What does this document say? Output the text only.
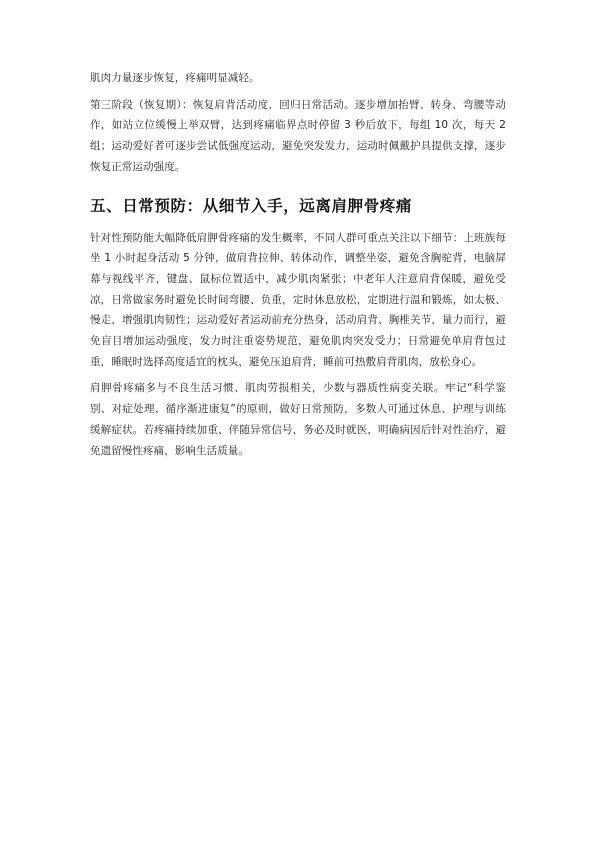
肌肉力量逐步恢复，疼痛明显减轻。

第三阶段（恢复期）：恢复肩背活动度，回归日常活动。逐步增加抬臂、转身、弯腰等动作，如站立位缓慢上举双臂，达到疼痛临界点时停留 3 秒后放下，每组 10 次，每天 2 组；运动爱好者可逐步尝试低强度运动，避免突发发力，运动时佩戴护具提供支撑，逐步恢复正常运动强度。

五、日常预防：从细节入手，远离肩胛骨疼痛

针对性预防能大幅降低肩胛骨疼痛的发生概率，不同人群可重点关注以下细节：上班族每坐 1 小时起身活动 5 分钟，做肩背拉伸、转体动作，调整坐姿，避免含胸驼背，电脑屏幕与视线平齐，键盘、鼠标位置适中，减少肌肉紧张；中老年人注意肩背保暖，避免受凉，日常做家务时避免长时间弯腰、负重，定时休息放松，定期进行温和锻炼，如太极、慢走，增强肌肉韧性；运动爱好者运动前充分热身，活动肩背、胸椎关节，量力而行，避免盲目增加运动强度，发力时注重姿势规范，避免肌肉突发受力；日常避免单肩背包过重，睡眠时选择高度适宜的枕头，避免压迫肩背，睡前可热敷肩背肌肉，放松身心。

肩胛骨疼痛多与不良生活习惯、肌肉劳损相关，少数与器质性病变关联。牢记“科学鉴别、对症处理、循序渐进康复”的原则，做好日常预防，多数人可通过休息、护理与训练缓解症状。若疼痛持续加重、伴随异常信号，务必及时就医，明确病因后针对性治疗，避免遗留慢性疼痛，影响生活质量。
